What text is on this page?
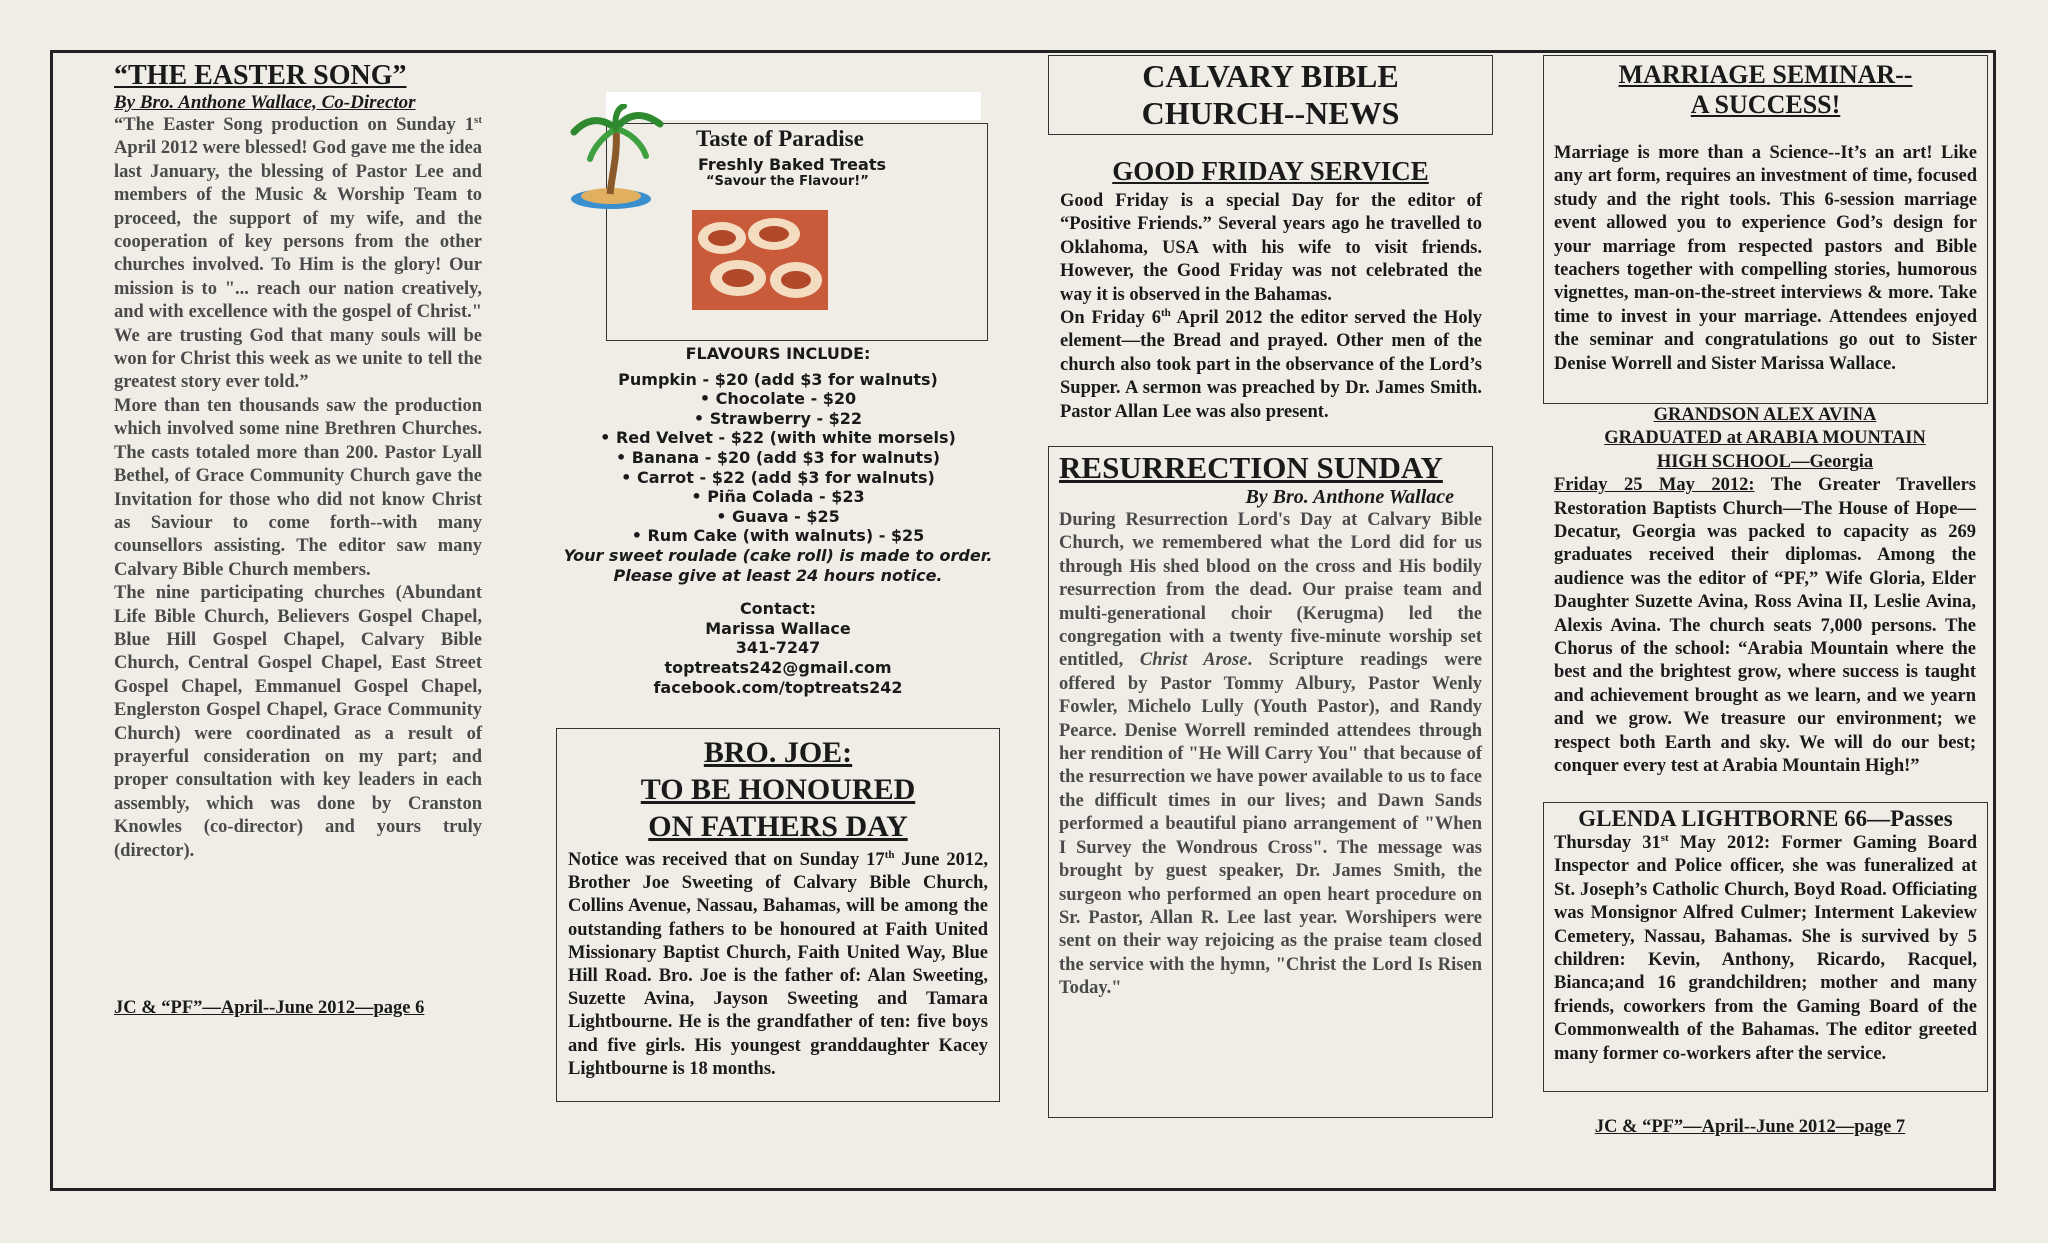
“THE EASTER SONG”
By Bro. Anthone Wallace, Co-Director
“The Easter Song production on Sunday 1st April 2012 were blessed! God gave me the idea last January, the blessing of Pastor Lee and members of the Music & Worship Team to proceed, the support of my wife, and the cooperation of key persons from the other churches involved. To Him is the glory! Our mission is to "... reach our nation creatively, and with excellence with the gospel of Christ." We are trusting God that many souls will be won for Christ this week as we unite to tell the greatest story ever told.”
More than ten thousands saw the production which involved some nine Brethren Churches. The casts totaled more than 200. Pastor Lyall Bethel, of Grace Community Church gave the Invitation for those who did not know Christ as Saviour to come forth--with many counsellors assisting. The editor saw many Calvary Bible Church members.
The nine participating churches (Abundant Life Bible Church, Believers Gospel Chapel, Blue Hill Gospel Chapel, Calvary Bible Church, Central Gospel Chapel, East Street Gospel Chapel, Emmanuel Gospel Chapel, Englerston Gospel Chapel, Grace Community Church) were coordinated as a result of prayerful consideration on my part; and proper consultation with key leaders in each assembly, which was done by Cranston Knowles (co-director) and yours truly (director).
JC & “PF”—April--June 2012—page 6
Taste of Paradise
Freshly Baked Treats
“Savour the Flavour!”
FLAVOURS INCLUDE:
Pumpkin - $20 (add $3 for walnuts)
• Chocolate - $20
• Strawberry - $22
• Red Velvet - $22 (with white morsels)
• Banana - $20 (add $3 for walnuts)
• Carrot - $22 (add $3 for walnuts)
• Piña Colada - $23
• Guava - $25
• Rum Cake (with walnuts) - $25
Your sweet roulade (cake roll) is made to order.
Please give at least 24 hours notice.
Contact:
Marissa Wallace
341-7247
toptreats242@gmail.com
facebook.com/toptreats242
BRO. JOE:
TO BE HONOURED
ON FATHERS DAY
Notice was received that on Sunday 17th June 2012, Brother Joe Sweeting of Calvary Bible Church, Collins Avenue, Nassau, Bahamas, will be among the outstanding fathers to be honoured at Faith United Missionary Baptist Church, Faith United Way, Blue Hill Road. Bro. Joe is the father of: Alan Sweeting, Suzette Avina, Jayson Sweeting and Tamara Lightbourne. He is the grandfather of ten: five boys and five girls. His youngest granddaughter Kacey Lightbourne is 18 months.
CALVARY BIBLE
CHURCH--NEWS
GOOD FRIDAY SERVICE
Good Friday is a special Day for the editor of “Positive Friends.” Several years ago he travelled to Oklahoma, USA with his wife to visit friends. However, the Good Friday was not celebrated the way it is observed in the Bahamas.
On Friday 6th April 2012 the editor served the Holy element—the Bread and prayed. Other men of the church also took part in the observance of the Lord’s Supper. A sermon was preached by Dr. James Smith. Pastor Allan Lee was also present.
RESURRECTION SUNDAY
By Bro. Anthone Wallace
During Resurrection Lord's Day at Calvary Bible Church, we remembered what the Lord did for us through His shed blood on the cross and His bodily resurrection from the dead. Our praise team and multi-generational choir (Kerugma) led the congregation with a twenty five-minute worship set entitled, Christ Arose. Scripture readings were offered by Pastor Tommy Albury, Pastor Wenly Fowler, Michelo Lully (Youth Pastor), and Randy Pearce. Denise Worrell reminded attendees through her rendition of "He Will Carry You" that because of the resurrection we have power available to us to face the difficult times in our lives; and Dawn Sands performed a beautiful piano arrangement of "When I Survey the Wondrous Cross". The message was brought by guest speaker, Dr. James Smith, the surgeon who performed an open heart procedure on Sr. Pastor, Allan R. Lee last year. Worshipers were sent on their way rejoicing as the praise team closed the service with the hymn, "Christ the Lord Is Risen Today."
MARRIAGE SEMINAR--
A SUCCESS!
Marriage is more than a Science--It’s an art! Like any art form, requires an investment of time, focused study and the right tools. This 6-session marriage event allowed you to experience God’s design for your marriage from respected pastors and Bible teachers together with compelling stories, humorous vignettes, man-on-the-street interviews & more. Take time to invest in your marriage. Attendees enjoyed the seminar and congratulations go out to Sister Denise Worrell and Sister Marissa Wallace.
GRANDSON ALEX AVINA
GRADUATED at ARABIA MOUNTAIN
HIGH SCHOOL—Georgia
Friday 25 May 2012: The Greater Travellers Restoration Baptists Church—The House of Hope—Decatur, Georgia was packed to capacity as 269 graduates received their diplomas. Among the audience was the editor of “PF,” Wife Gloria, Elder Daughter Suzette Avina, Ross Avina II, Leslie Avina, Alexis Avina. The church seats 7,000 persons. The Chorus of the school: “Arabia Mountain where the best and the brightest grow, where success is taught and achievement brought as we learn, and we yearn and we grow. We treasure our environment; we respect both Earth and sky. We will do our best; conquer every test at Arabia Mountain High!”
GLENDA LIGHTBORNE 66—Passes
Thursday 31st May 2012: Former Gaming Board Inspector and Police officer, she was funeralized at St. Joseph’s Catholic Church, Boyd Road. Officiating was Monsignor Alfred Culmer; Interment Lakeview Cemetery, Nassau, Bahamas. She is survived by 5 children: Kevin, Anthony, Ricardo, Racquel, Bianca;and 16 grandchildren; mother and many friends, coworkers from the Gaming Board of the Commonwealth of the Bahamas. The editor greeted many former co-workers after the service.
JC & “PF”—April--June 2012—page 7
